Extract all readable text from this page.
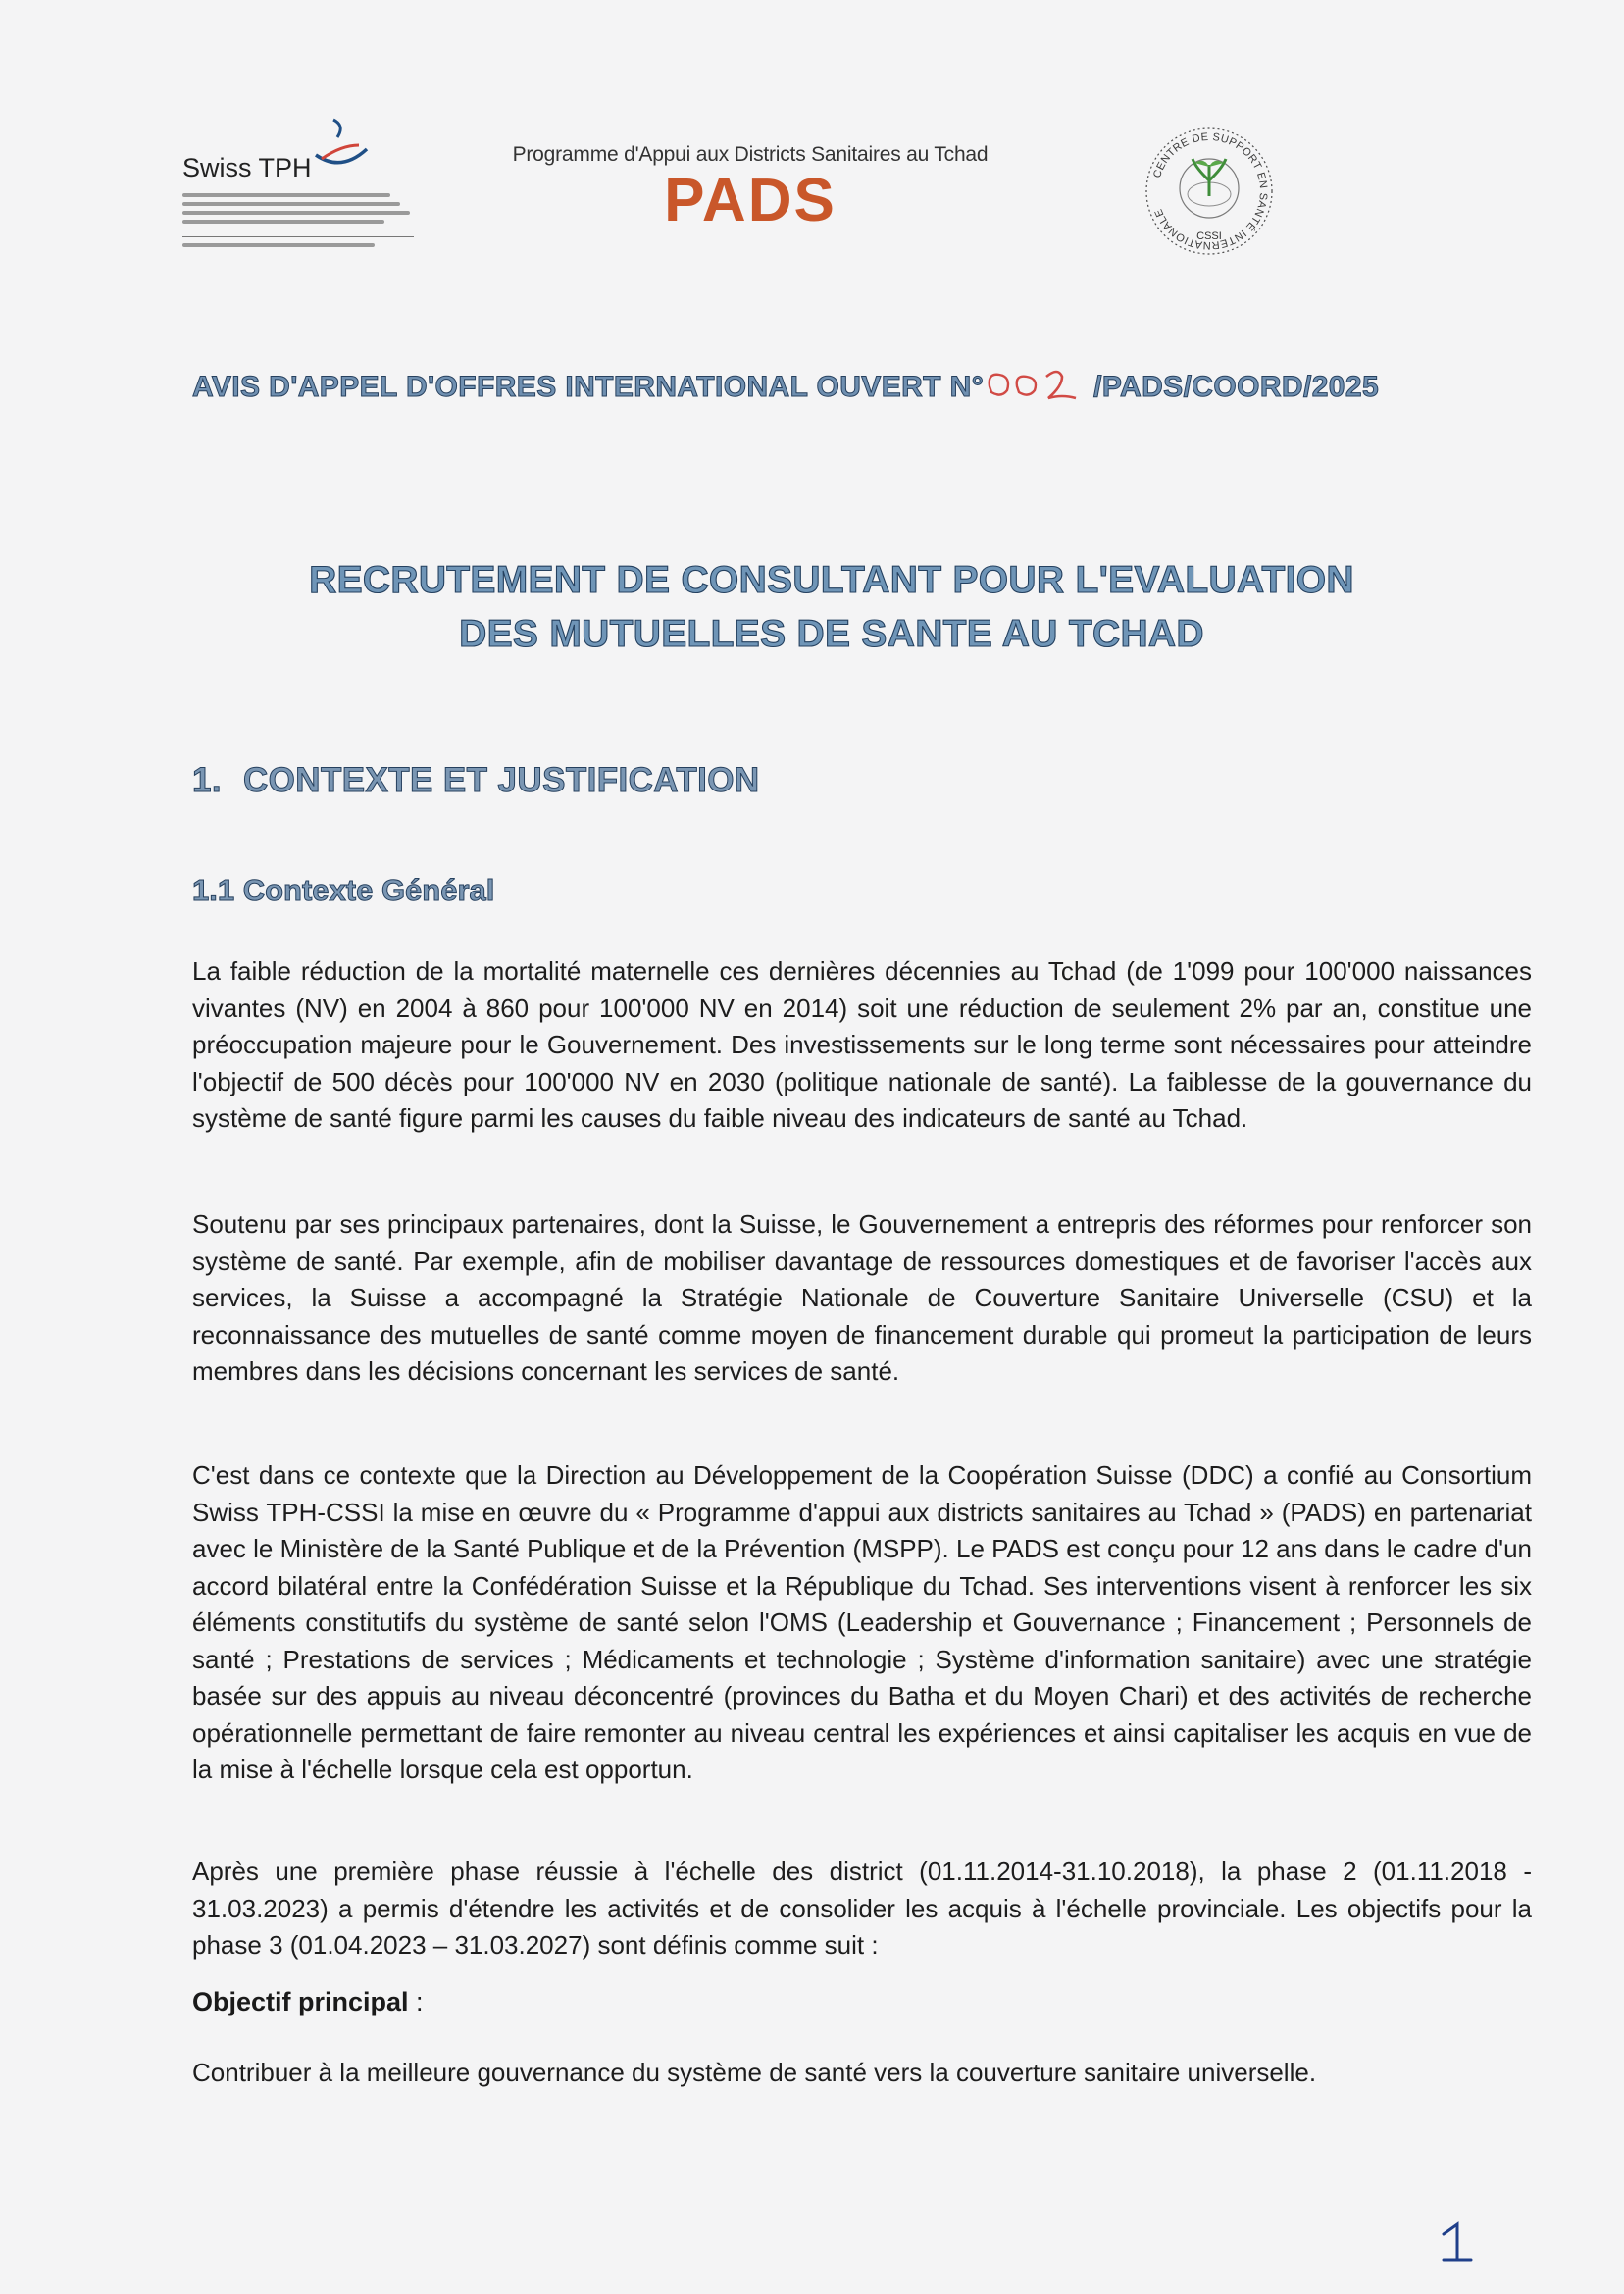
Swiss TPH	Programme d'Appui aux Districts Sanitaires au Tchad
PADS	CENTRE DE SUPPORT EN SANTÉ INTERNATIONALE
CSSI
AVIS D'APPEL D'OFFRES INTERNATIONAL OUVERT N°	/PADS/COORD/2025
RECRUTEMENT DE CONSULTANT POUR L'EVALUATION
DES MUTUELLES DE SANTE AU TCHAD
1. CONTEXTE ET JUSTIFICATION
1.1 Contexte Général
La faible réduction de la mortalité maternelle ces dernières décennies au Tchad (de 1'099 pour 100'000 naissances vivantes (NV) en 2004 à 860 pour 100'000 NV en 2014) soit une réduction de seulement 2% par an, constitue une préoccupation majeure pour le Gouvernement. Des investissements sur le long terme sont nécessaires pour atteindre l'objectif de 500 décès pour 100'000 NV en 2030 (politique nationale de santé). La faiblesse de la gouvernance du système de santé figure parmi les causes du faible niveau des indicateurs de santé au Tchad.
Soutenu par ses principaux partenaires, dont la Suisse, le Gouvernement a entrepris des réformes pour renforcer son système de santé. Par exemple, afin de mobiliser davantage de ressources domestiques et de favoriser l'accès aux services, la Suisse a accompagné la Stratégie Nationale de Couverture Sanitaire Universelle (CSU) et la reconnaissance des mutuelles de santé comme moyen de financement durable qui promeut la participation de leurs membres dans les décisions concernant les services de santé.
C'est dans ce contexte que la Direction au Développement de la Coopération Suisse (DDC) a confié au Consortium Swiss TPH-CSSI la mise en œuvre du « Programme d'appui aux districts sanitaires au Tchad » (PADS) en partenariat avec le Ministère de la Santé Publique et de la Prévention (MSPP). Le PADS est conçu pour 12 ans dans le cadre d'un accord bilatéral entre la Confédération Suisse et la République du Tchad. Ses interventions visent à renforcer les six éléments constitutifs du système de santé selon l'OMS (Leadership et Gouvernance ; Financement ; Personnels de santé ; Prestations de services ; Médicaments et technologie ; Système d'information sanitaire) avec une stratégie basée sur des appuis au niveau déconcentré (provinces du Batha et du Moyen Chari) et des activités de recherche opérationnelle permettant de faire remonter au niveau central les expériences et ainsi capitaliser les acquis en vue de la mise à l'échelle lorsque cela est opportun.
Après une première phase réussie à l'échelle des district (01.11.2014-31.10.2018), la phase 2 (01.11.2018 - 31.03.2023) a permis d'étendre les activités et de consolider les acquis à l'échelle provinciale. Les objectifs pour la phase 3 (01.04.2023 – 31.03.2027) sont définis comme suit :
Objectif principal :
Contribuer à la meilleure gouvernance du système de santé vers la couverture sanitaire universelle.
